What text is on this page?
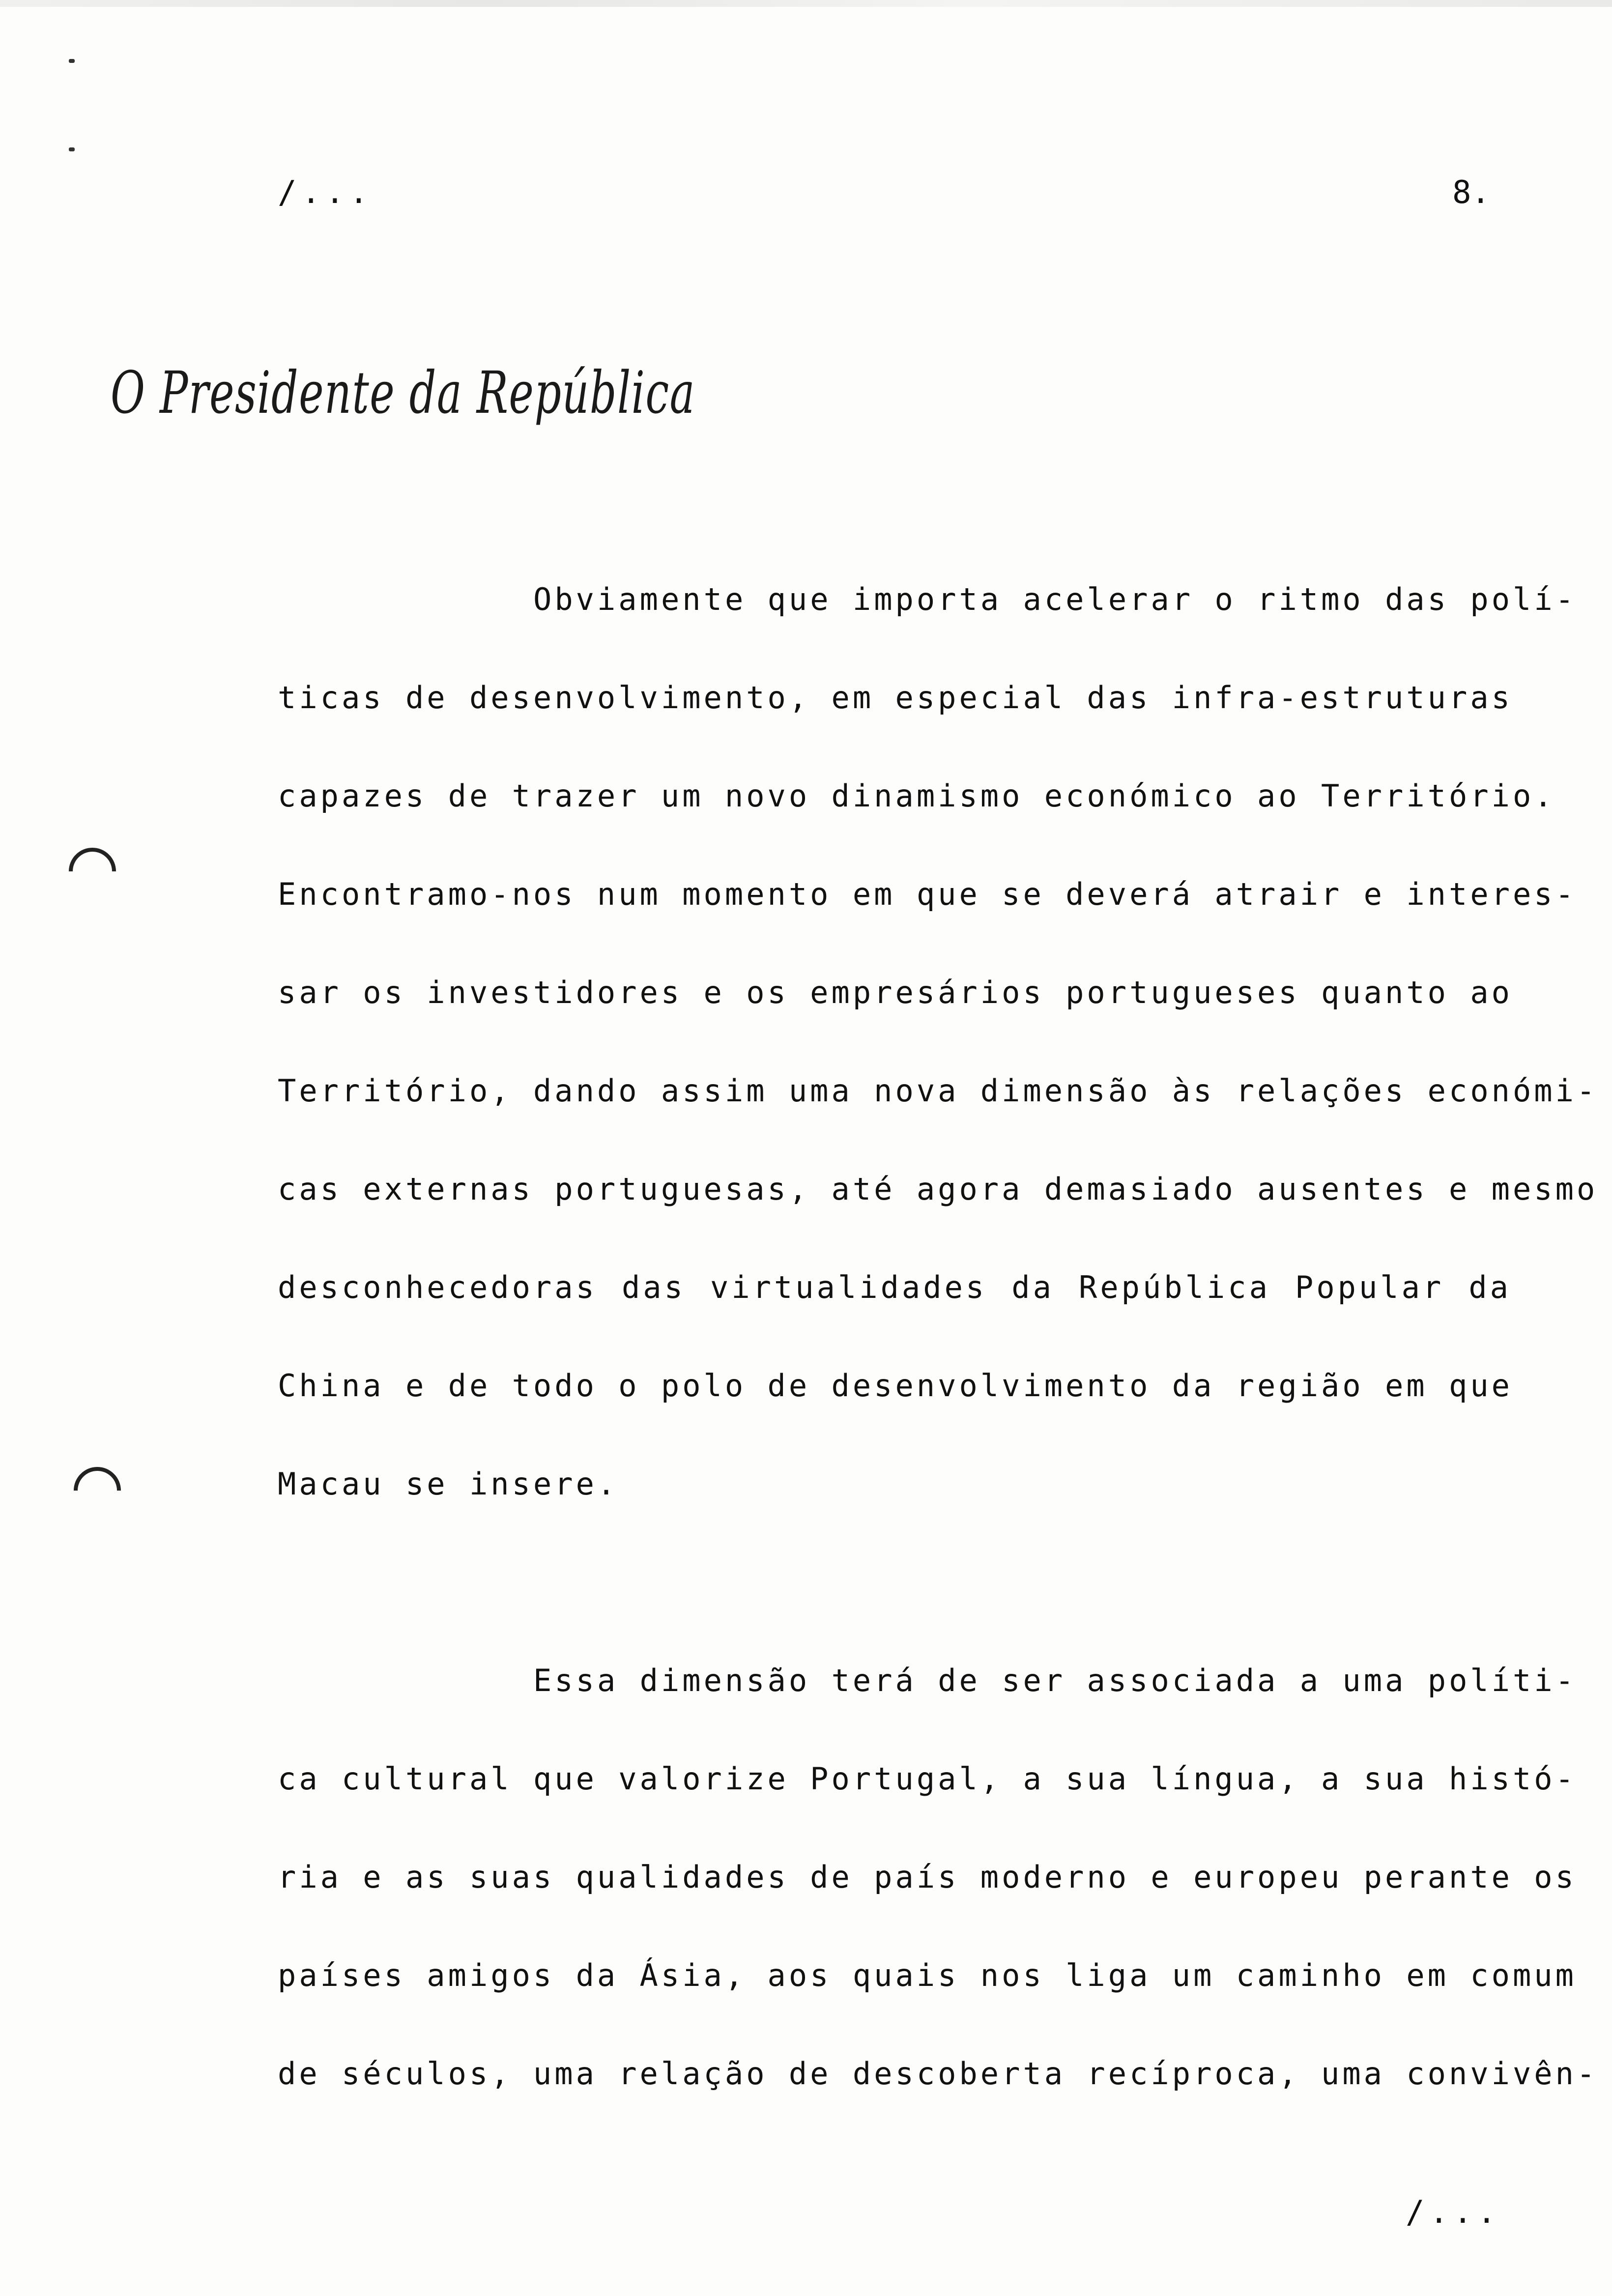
/...	8.
O Presidente da República
Obviamente que importa acelerar o ritmo das polí-
ticas de desenvolvimento, em especial das infra-estruturas
capazes de trazer um novo dinamismo económico ao Território.
Encontramo-nos num momento em que se deverá atrair e interes-
sar os investidores e os empresários portugueses quanto ao
Território, dando assim uma nova dimensão às relações económi-
cas externas portuguesas, até agora demasiado ausentes e mesmo
desconhecedoras das virtualidades da República Popular da
China e de todo o polo de desenvolvimento da região em que
Macau se insere.
Essa dimensão terá de ser associada a uma políti-
ca cultural que valorize Portugal, a sua língua, a sua histó-
ria e as suas qualidades de país moderno e europeu perante os
países amigos da Ásia, aos quais nos liga um caminho em comum
de séculos, uma relação de descoberta recíproca, uma convivên-
/...
